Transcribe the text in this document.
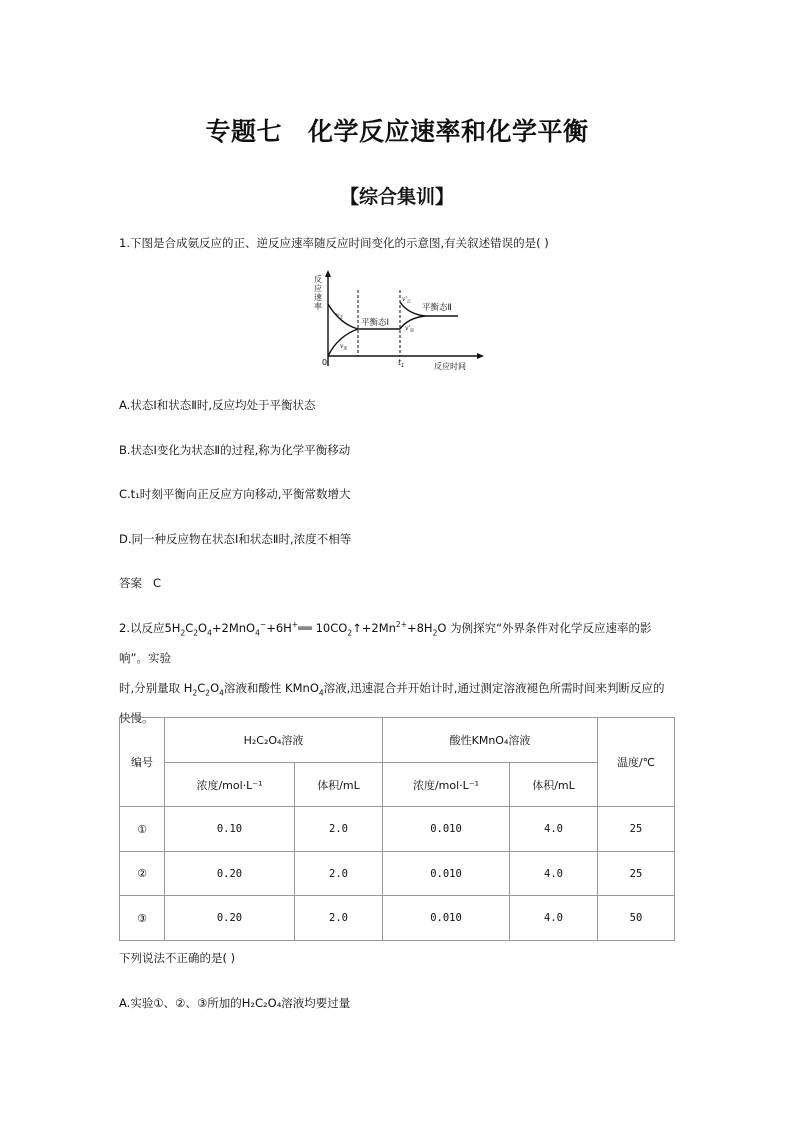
专题七 化学反应速率和化学平衡
【综合集训】
1.下图是合成氨反应的正、逆反应速率随反应时间变化的示意图,有关叙述错误的是( )
反
应
速
率
0	反应时间
$t_1$
$v_正$
$v_逆$
$v'_正$
$v'_逆$
平衡态Ⅰ
平衡态Ⅱ
A.状态Ⅰ和状态Ⅱ时,反应均处于平衡状态
B.状态Ⅰ变化为状态Ⅱ的过程,称为化学平衡移动
C.t₁时刻平衡向正反应方向移动,平衡常数增大
D.同一种反应物在状态Ⅰ和状态Ⅱ时,浓度不相等
答案 C
2.以反应$5H_2C_2O_4+2MnO_4^-+6H^+══$ $10CO_2↑+2Mn^{2+}+8H_2O$ 为例探究“外界条件对化学反应速率的影响”。实验
时,分别量取 $H_2C_2O_4$溶液和酸性 KMnO$_4$溶液,迅速混合并开始计时,通过测定溶液褪色所需时间来判断反应的
快慢。
编号	H₂C₂O₄溶液		酸性KMnO₄溶液		温度/℃
	浓度/mol·L⁻¹	体积/mL	浓度/mol·L⁻¹	体积/mL	
①	0.10	2.0	0.010	4.0	25
②	0.20	2.0	0.010	4.0	25
③	0.20	2.0	0.010	4.0	50
下列说法不正确的是( )
A.实验①、②、③所加的H₂C₂O₄溶液均要过量
